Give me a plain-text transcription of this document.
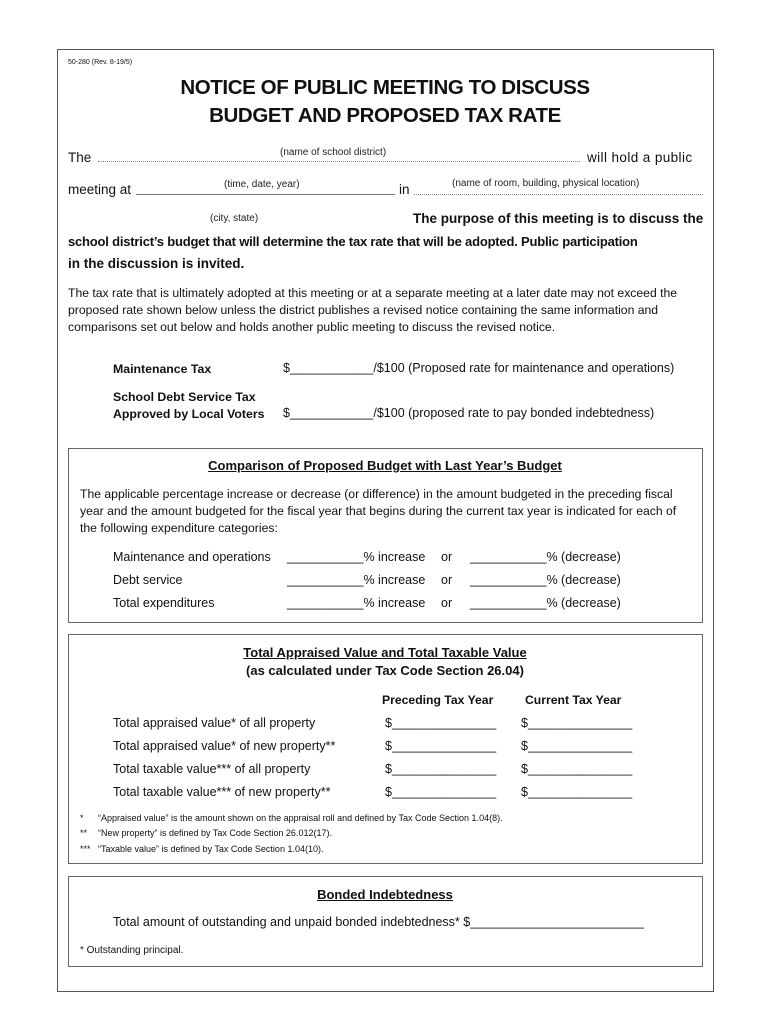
50-280 (Rev. 8-19/5)
NOTICE OF PUBLIC MEETING TO DISCUSS
BUDGET AND PROPOSED TAX RATE
The	(name of school district)	will hold a public
meeting at	(time, date, year)	in	(name of room, building, physical location)
(city, state)	The purpose of this meeting is to discuss the
school district’s budget that will determine the tax rate that will be adopted. Public participation
in the discussion is invited.
The tax rate that is ultimately adopted at this meeting or at a separate meeting at a later date may not exceed the proposed rate shown below unless the district publishes a revised notice containing the same information and comparisons set out below and holds another public meeting to discuss the revised notice.
Maintenance Tax	$____________/$100 (Proposed rate for maintenance and operations)
School Debt Service Tax
Approved by Local Voters $____________/$100 (proposed rate to pay bonded indebtedness)
Comparison of Proposed Budget with Last Year’s Budget
The applicable percentage increase or decrease (or difference) in the amount budgeted in the preceding fiscal year and the amount budgeted for the fiscal year that begins during the current tax year is indicated for each of the following expenditure categories:
Maintenance and operations ___________% increase or ___________% (decrease)
Debt service	___________% increase or ___________% (decrease)
Total expenditures	___________% increase or ___________% (decrease)
Total Appraised Value and Total Taxable Value
(as calculated under Tax Code Section 26.04)
Preceding Tax Year	Current Tax Year
Total appraised value* of all property	$_______________ $_______________
Total appraised value* of new property**	$_______________ $_______________
Total taxable value*** of all property	$_______________ $_______________
Total taxable value*** of new property**	$_______________ $_______________
* “Appraised value” is the amount shown on the appraisal roll and defined by Tax Code Section 1.04(8).
** “New property” is defined by Tax Code Section 26.012(17).
*** “Taxable value” is defined by Tax Code Section 1.04(10).
Bonded Indebtedness
Total amount of outstanding and unpaid bonded indebtedness* $_________________________
* Outstanding principal.
